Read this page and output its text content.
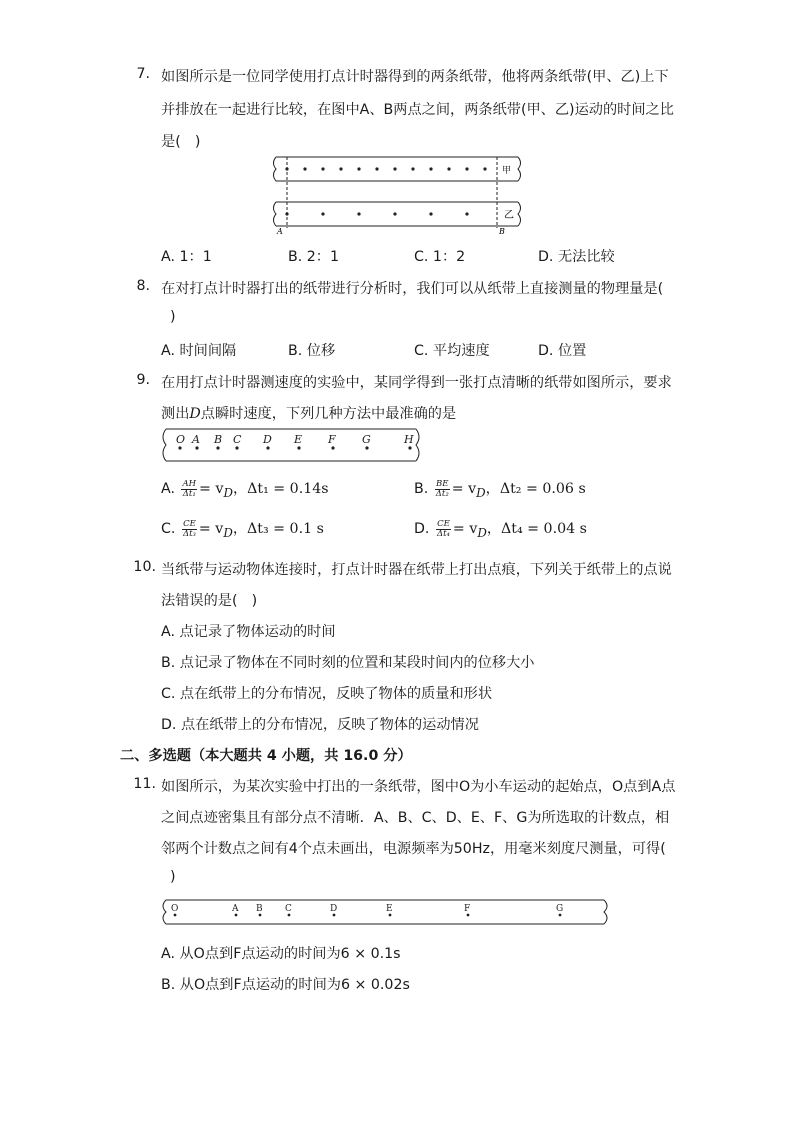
7. 如图所示是一位同学使用打点计时器得到的两条纸带，他将两条纸带(甲、乙)上下
并排放在一起进行比较，在图中A、B两点之间，两条纸带(甲、乙)运动的时间之比
是(　)
甲
乙
A	B
A. 1：1	B. 2：1	C. 1：2	D. 无法比较
8. 在对打点计时器打出的纸带进行分析时，我们可以从纸带上直接测量的物理量是(
)
A. 时间间隔	B. 位移	C. 平均速度	D. 位置
9. 在用打点计时器测速度的实验中，某同学得到一张打点清晰的纸带如图所示，要求
测出D点瞬时速度，下列几种方法中最准确的是
O A B C D E F G	H
A. $\frac{AH}{\text{Δt₁}} = v_D$，Δt₁ = 0.14s	B. $\frac{BE}{\text{Δt₂}} = v_D$，Δt₂ = 0.06 s
C. $\frac{CE}{\text{Δt₃}} = v_D$，Δt₃ = 0.1 s	D. $\frac{CE}{\text{Δt₄}} = v_D$，Δt₄ = 0.04 s
10. 当纸带与运动物体连接时，打点计时器在纸带上打出点痕，下列关于纸带上的点说
法错误的是(　)
A. 点记录了物体运动的时间
B. 点记录了物体在不同时刻的位置和某段时间内的位移大小
C. 点在纸带上的分布情况，反映了物体的质量和形状
D. 点在纸带上的分布情况，反映了物体的运动情况
二、多选题（本大题共 4 小题，共 16.0 分）
11. 如图所示，为某次实验中打出的一条纸带，图中O为小车运动的起始点，O点到A点
之间点迹密集且有部分点不清晰．A、B、C、D、E、F、G为所选取的计数点，相
邻两个计数点之间有4个点未画出，电源频率为50Hz，用毫米刻度尺测量，可得(
)
O	A B C	D	E	F	G
A. 从O点到F点运动的时间为6 × 0.1s
B. 从O点到F点运动的时间为6 × 0.02s
